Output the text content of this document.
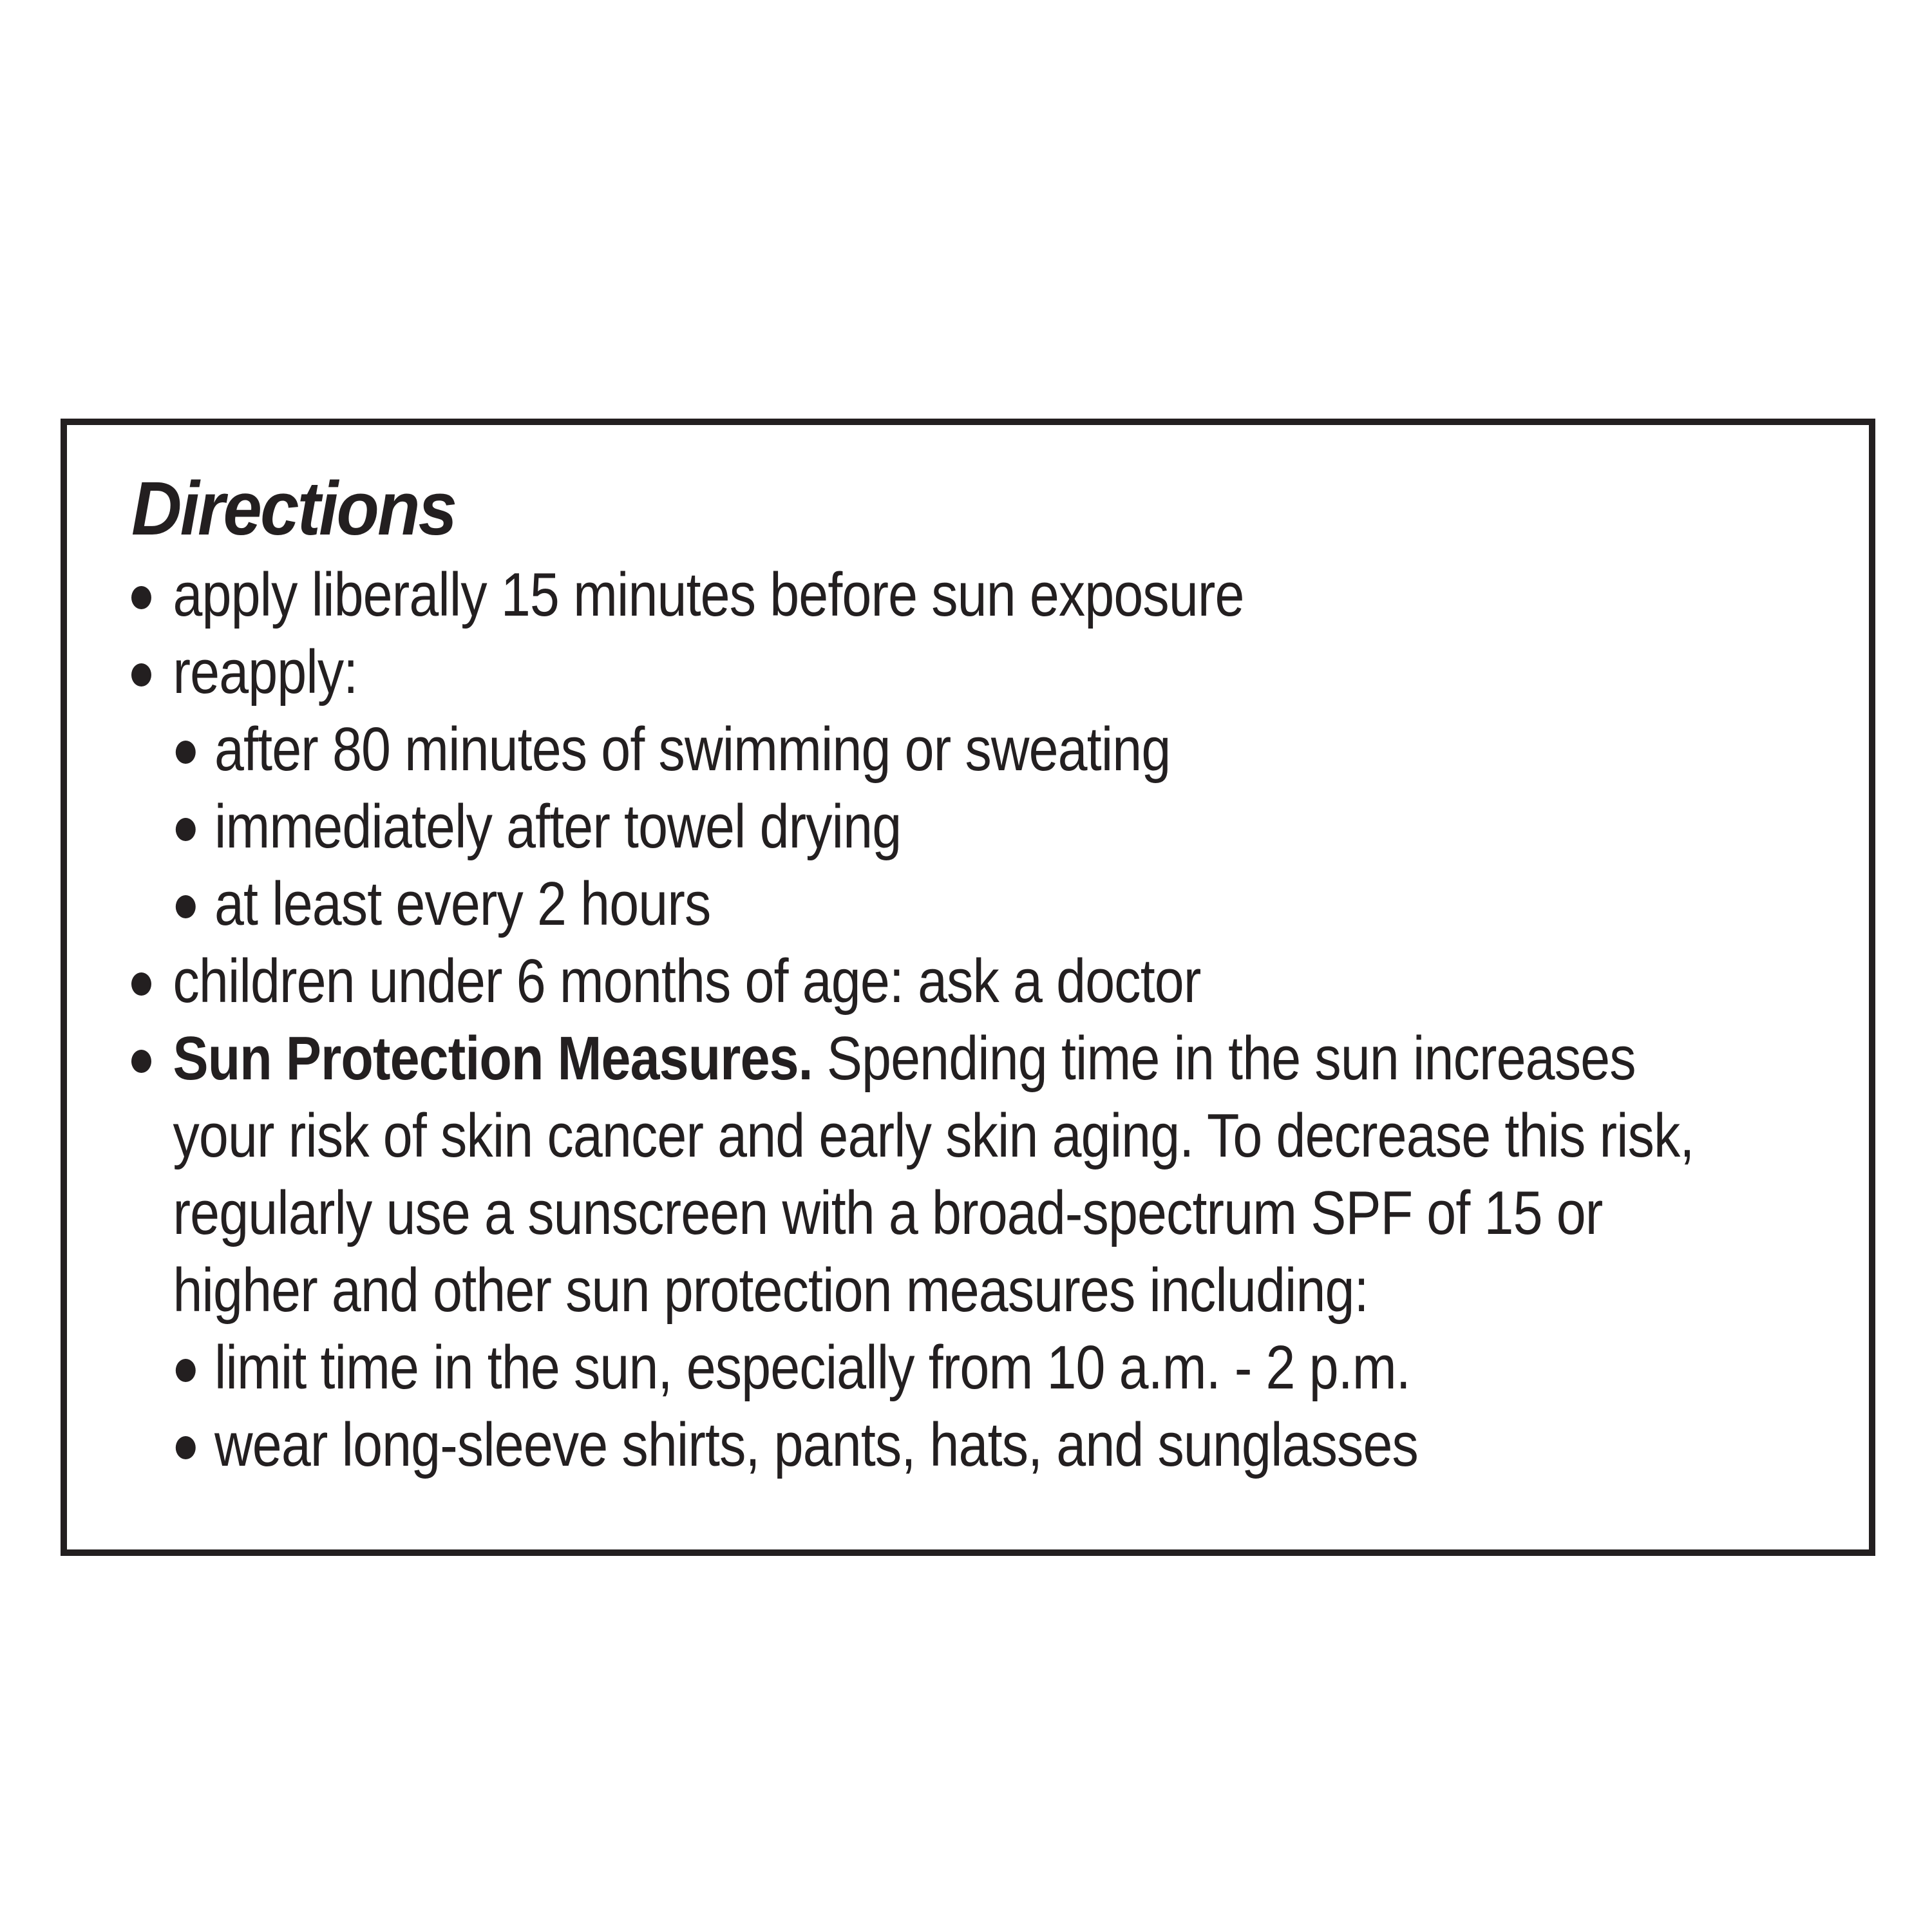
Directions
apply liberally 15 minutes before sun exposure
reapply:
after 80 minutes of swimming or sweating
immediately after towel drying
at least every 2 hours
children under 6 months of age: ask a doctor
Sun Protection Measures. Spending time in the sun increases
your risk of skin cancer and early skin aging. To decrease this risk,
regularly use a sunscreen with a broad-spectrum SPF of 15 or
higher and other sun protection measures including:
limit time in the sun, especially from 10 a.m. - 2 p.m.
wear long-sleeve shirts, pants, hats, and sunglasses
